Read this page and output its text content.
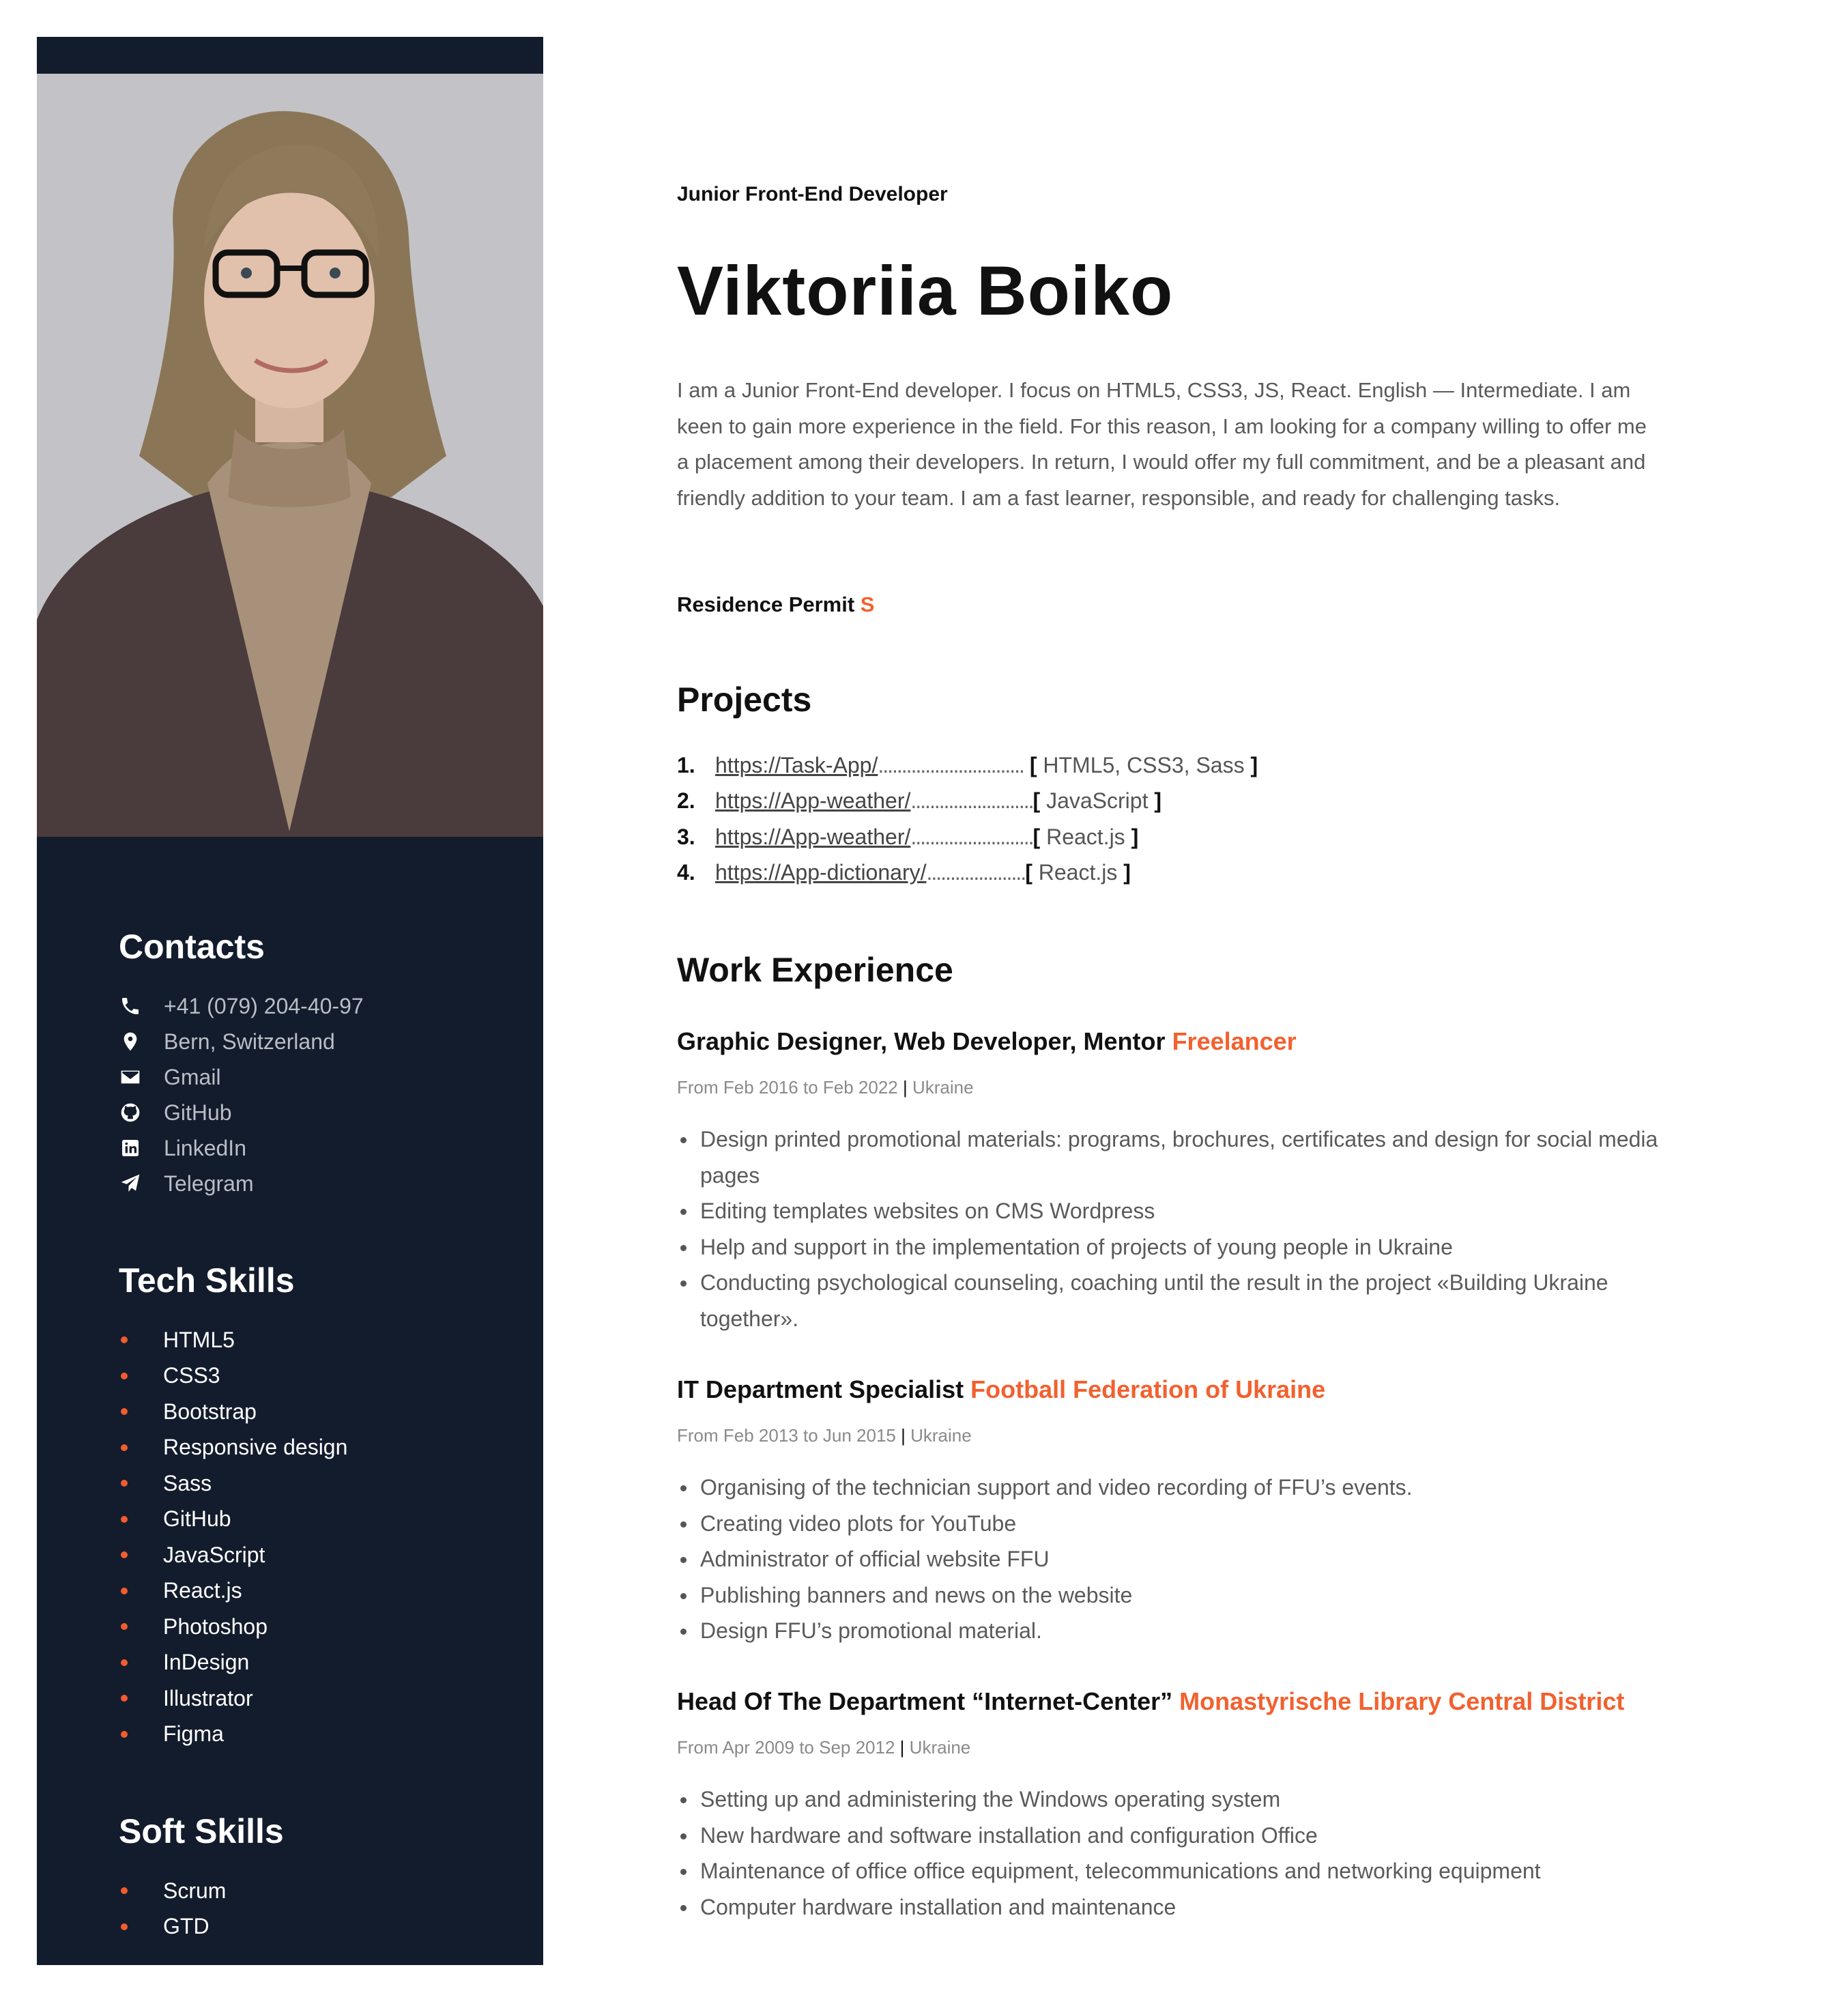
Contacts
+41 (079) 204-40-97
Bern, Switzerland
Gmail
GitHub
LinkedIn
Telegram
Tech Skills
HTML5
CSS3
Bootstrap
Responsive design
Sass
GitHub
JavaScript
React.js
Photoshop
InDesign
Illustrator
Figma
Soft Skills
Scrum
GTD
Junior Front-End Developer
Viktoriia Boiko
I am a Junior Front-End developer. I focus on HTML5, CSS3, JS, React. English — Intermediate. I am keen to gain more experience in the field. For this reason, I am looking for a company willing to offer me a placement among their developers. In return, I would offer my full commitment, and be a pleasant and friendly addition to your team. I am a fast learner, responsible, and ready for challenging tasks.
Residence Permit S
Projects
1. https://Task-App/ ............................... [ HTML5, CSS3, Sass ]
2. https://App-weather/ .......................... [ JavaScript ]
3. https://App-weather/ .......................... [ React.js ]
4. https://App-dictionary/ ..................... [ React.js ]
Work Experience
Graphic Designer, Web Developer, Mentor Freelancer
From Feb 2016 to Feb 2022 | Ukraine
Design printed promotional materials: programs, brochures, certificates and design for social media pages
Editing templates websites on CMS Wordpress
Help and support in the implementation of projects of young people in Ukraine
Conducting psychological counseling, coaching until the result in the project «Building Ukraine together».
IT Department Specialist Football Federation of Ukraine
From Feb 2013 to Jun 2015 | Ukraine
Organising of the technician support and video recording of FFU’s events.
Creating video plots for YouTube
Administrator of official website FFU
Publishing banners and news on the website
Design FFU’s promotional material.
Head Of The Department “Internet-Center” Monastyrische Library Central District
From Apr 2009 to Sep 2012 | Ukraine
Setting up and administering the Windows operating system
New hardware and software installation and configuration Office
Maintenance of office office equipment, telecommunications and networking equipment
Computer hardware installation and maintenance
